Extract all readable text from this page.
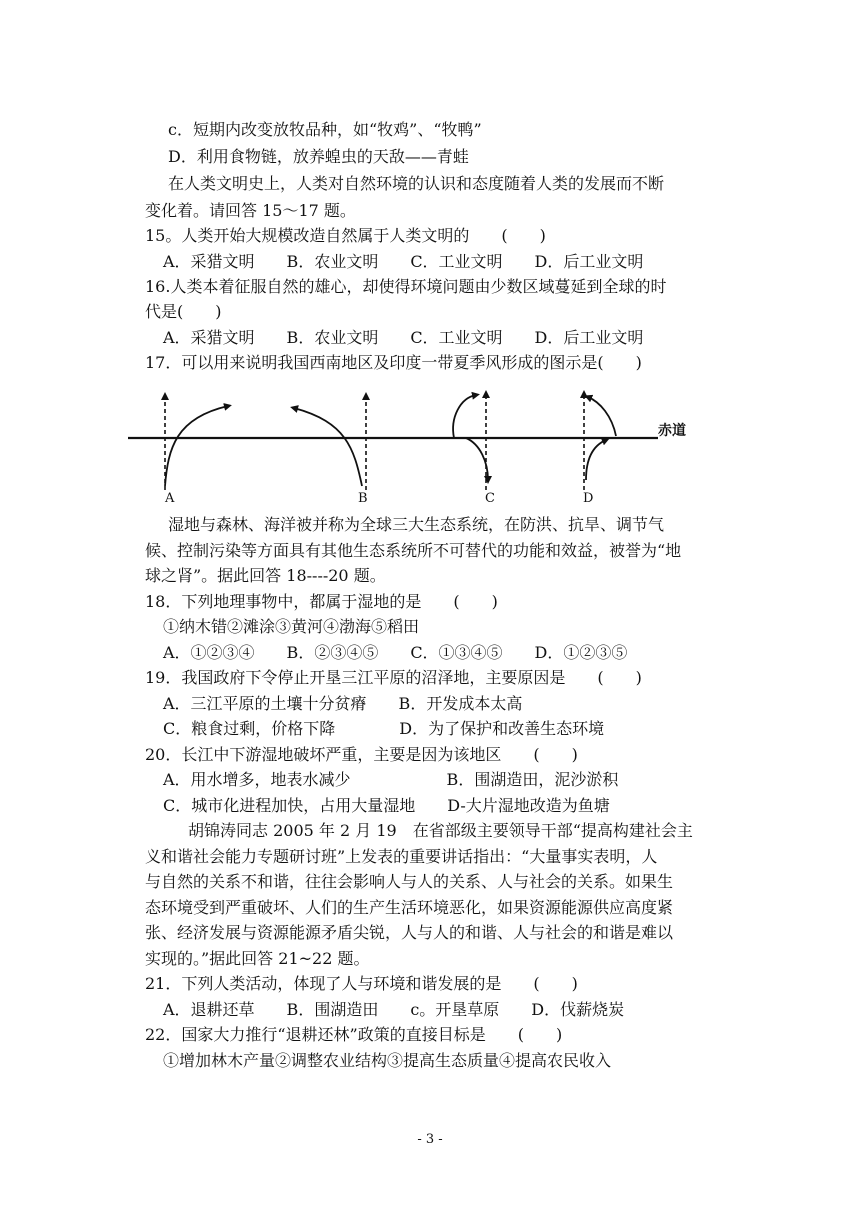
c．短期内改变放牧品种，如“牧鸡”、“牧鸭”
D．利用食物链，放养蝗虫的天敌——青蛙
在人类文明史上，人类对自然环境的认识和态度随着人类的发展而不断
变化着。请回答 15～17 题。
15。人类开始大规模改造自然属于人类文明的　　(　　)
A．采猎文明　　B．农业文明　　C．工业文明　　D．后工业文明
16.人类本着征服自然的雄心，却使得环境问题由少数区域蔓延到全球的时
代是(　　)
A．采猎文明　　B．农业文明　　C．工业文明　　D．后工业文明
17．可以用来说明我国西南地区及印度一带夏季风形成的图示是(　　)
赤道
A	B	C	D
湿地与森林、海洋被并称为全球三大生态系统，在防洪、抗旱、调节气
候、控制污染等方面具有其他生态系统所不可替代的功能和效益，被誉为“地
球之肾”。据此回答 18----20 题。
18．下列地理事物中，都属于湿地的是　　(　　)
①纳木错②滩涂③黄河④渤海⑤稻田
A．①②③④　　B．②③④⑤　　C．①③④⑤　　D．①②③⑤
19．我国政府下令停止开垦三江平原的沼泽地，主要原因是　　(　　)
A．三江平原的土壤十分贫瘠　　B．开发成本太高
C．粮食过剩，价格下降　　　　D．为了保护和改善生态环境
20．长江中下游湿地破坏严重，主要是因为该地区　　(　　)
A．用水增多，地表水减少　　　　　　B．围湖造田，泥沙淤积
C．城市化进程加快，占用大量湿地　　D-大片湿地改造为鱼塘
胡锦涛同志 2005 年 2 月 19　在省部级主要领导干部“提高构建社会主
义和谐社会能力专题研讨班”上发表的重要讲话指出：“大量事实表明，人
与自然的关系不和谐，往往会影响人与人的关系、人与社会的关系。如果生
态环境受到严重破坏、人们的生产生活环境恶化，如果资源能源供应高度紧
张、经济发展与资源能源矛盾尖锐，人与人的和谐、人与社会的和谐是难以
实现的。”据此回答 21~22 题。
21．下列人类活动，体现了人与环境和谐发展的是　　(　　)
A．退耕还草　　B．围湖造田　　c。开垦草原　　D．伐薪烧炭
22．国家大力推行“退耕还林”政策的直接目标是　　(　　)
①增加林木产量②调整农业结构③提高生态质量④提高农民收入
- 3 -
